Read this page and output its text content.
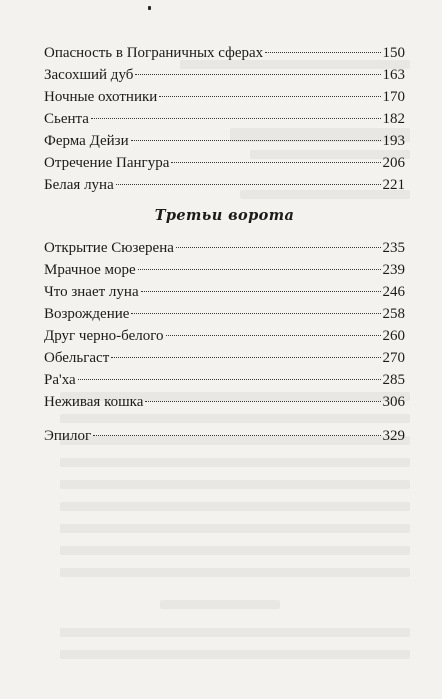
Опасность в Пограничных сферах	150
Засохший дуб	163
Ночные охотники	170
Сьента	182
Ферма Дейзи	193
Отречение Пангура	206
Белая луна	221
Третьи ворота
Открытие Сюзерена	235
Мрачное море	239
Что знает луна	246
Возрождение	258
Друг черно-белого	260
Обельгаст	270
Ра'ха	285
Неживая кошка	306
Эпилог	329
